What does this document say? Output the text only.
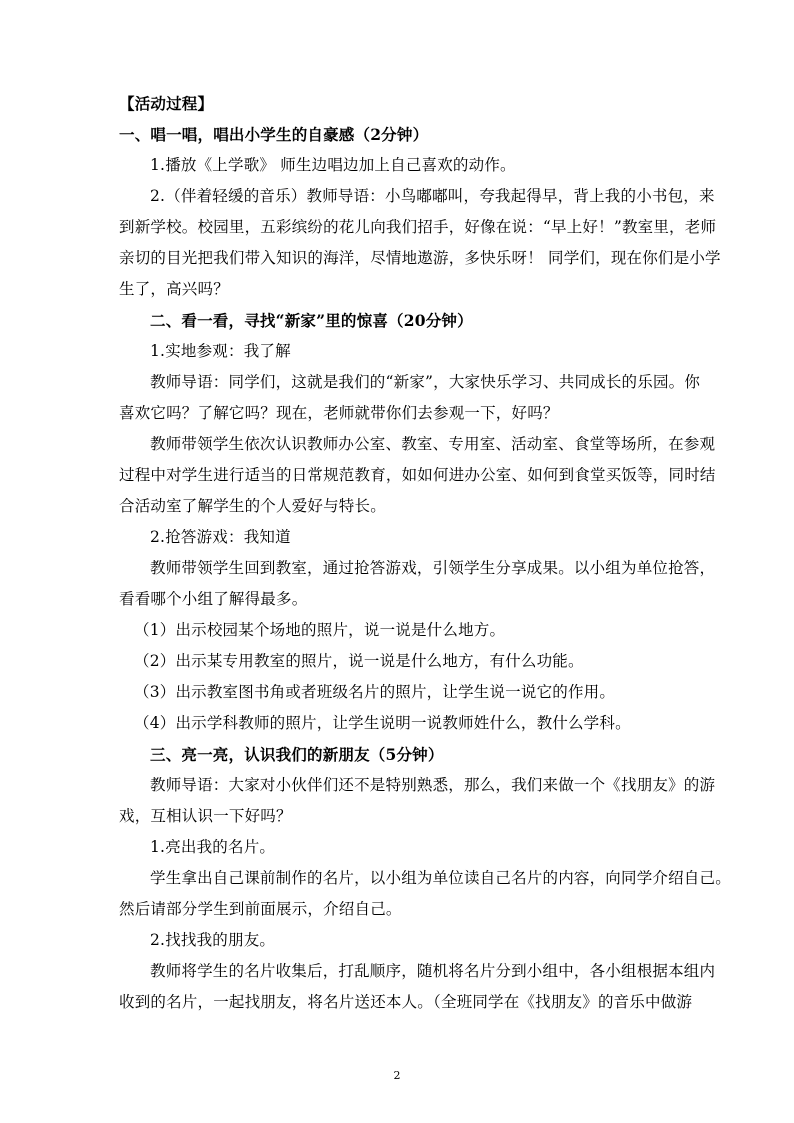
【活动过程】
一、唱一唱，唱出小学生的自豪感（2分钟）
1.播放《上学歌》 师生边唱边加上自己喜欢的动作。
2.（伴着轻缓的音乐）教师导语：小鸟嘟嘟叫，夸我起得早，背上我的小书包，来
到新学校。校园里，五彩缤纷的花儿向我们招手，好像在说：“早上好！”教室里，老师
亲切的目光把我们带入知识的海洋，尽情地遨游，多快乐呀！ 同学们，现在你们是小学
生了，高兴吗？
二、看一看，寻找“新家”里的惊喜（20分钟）
1.实地参观：我了解
教师导语：同学们，这就是我们的“新家”，大家快乐学习、共同成长的乐园。你
喜欢它吗？了解它吗？现在，老师就带你们去参观一下，好吗？
教师带领学生依次认识教师办公室、教室、专用室、活动室、食堂等场所，在参观
过程中对学生进行适当的日常规范教育，如如何进办公室、如何到食堂买饭等，同时结
合活动室了解学生的个人爱好与特长。
2.抢答游戏：我知道
教师带领学生回到教室，通过抢答游戏，引领学生分享成果。以小组为单位抢答，
看看哪个小组了解得最多。
（1）出示校园某个场地的照片，说一说是什么地方。
（2）出示某专用教室的照片，说一说是什么地方，有什么功能。
（3）出示教室图书角或者班级名片的照片，让学生说一说它的作用。
（4）出示学科教师的照片，让学生说明一说教师姓什么，教什么学科。
三、亮一亮，认识我们的新朋友（5分钟）
教师导语：大家对小伙伴们还不是特别熟悉，那么，我们来做一个《找朋友》的游
戏，互相认识一下好吗？
1.亮出我的名片。
学生拿出自己课前制作的名片，以小组为单位读自己名片的内容，向同学介绍自己。
然后请部分学生到前面展示，介绍自己。
2.找找我的朋友。
教师将学生的名片收集后，打乱顺序，随机将名片分到小组中，各小组根据本组内
收到的名片，一起找朋友，将名片送还本人。（全班同学在《找朋友》的音乐中做游
2
